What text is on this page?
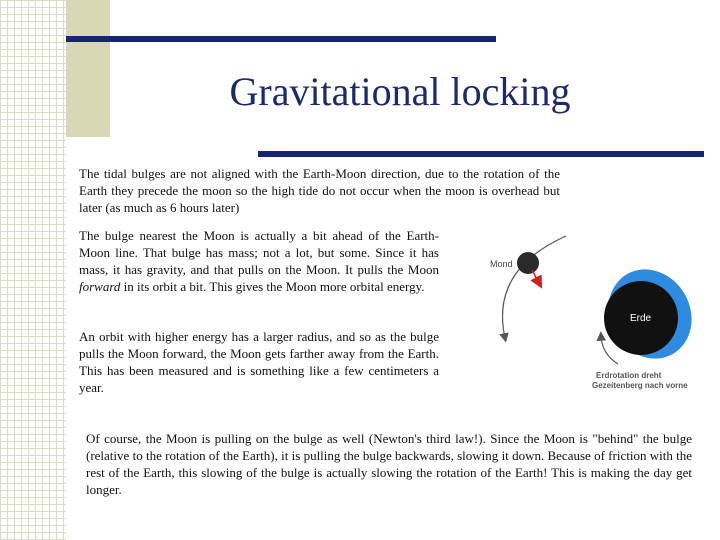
Gravitational locking

The tidal bulges are not aligned with the Earth-Moon direction, due to the rotation of the Earth they precede the moon so the high tide do not occur when the moon is overhead but later (as much as 6 hours later)

The bulge nearest the Moon is actually a bit ahead of the Earth-Moon line. That bulge has mass; not a lot, but some. Since it has mass, it has gravity, and that pulls on the Moon. It pulls the Moon forward in its orbit a bit. This gives the Moon more orbital energy.

An orbit with higher energy has a larger radius, and so as the bulge pulls the Moon forward, the Moon gets farther away from the Earth. This has been measured and is something like a few centimeters a year.

Of course, the Moon is pulling on the bulge as well (Newton's third law!). Since the Moon is "behind" the bulge (relative to the rotation of the Earth), it is pulling the bulge backwards, slowing it down. Because of friction with the rest of the Earth, this slowing of the bulge is actually slowing the rotation of the Earth! This is making the day get longer.

Mond
Erde
Erdrotation dreht
Gezeitenberg nach vorne
